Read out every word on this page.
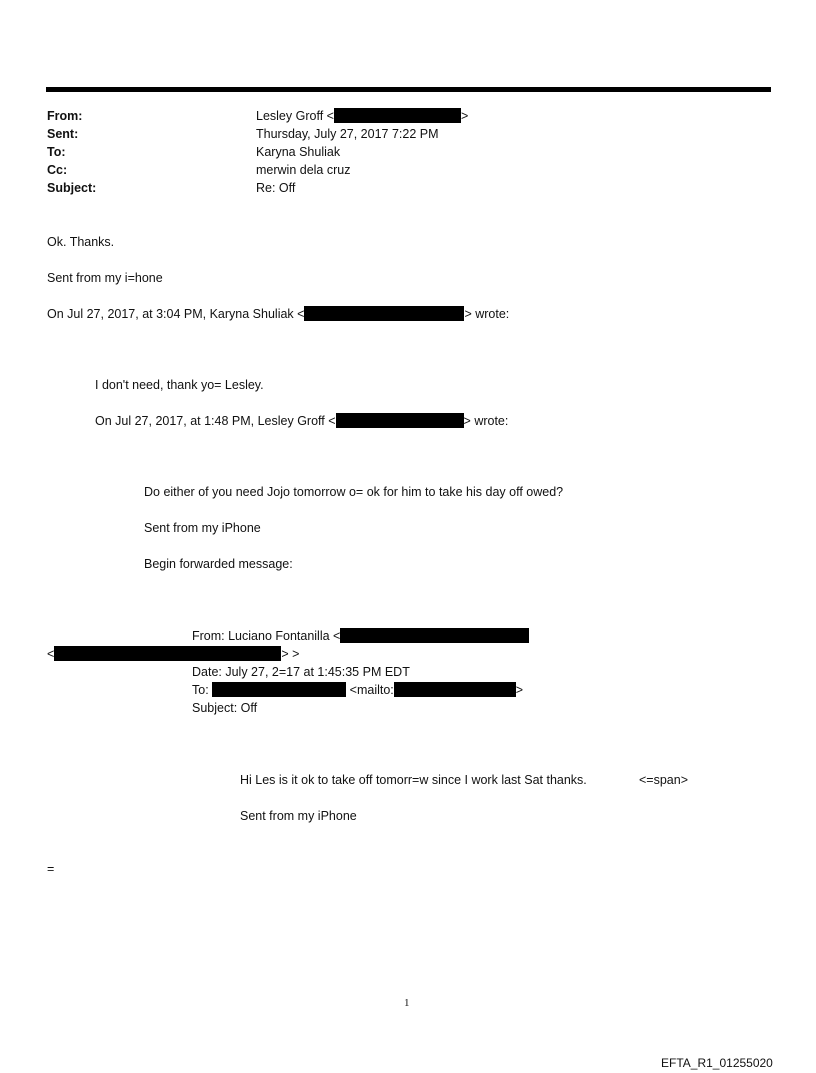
From:	Lesley Groff <	>
Sent:	Thursday, July 27, 2017 7:22 PM
To:	Karyna Shuliak
Cc:	merwin dela cruz
Subject:	Re: Off
Ok. Thanks.
Sent from my i=hone
On Jul 27, 2017, at 3:04 PM, Karyna Shuliak <	> wrote:
I don't need, thank yo= Lesley.
On Jul 27, 2017, at 1:48 PM, Lesley Groff <	> wrote:
Do either of you need Jojo tomorrow o= ok for him to take his day off owed?
Sent from my iPhone
Begin forwarded message:
From: Luciano Fontanilla <
<	> >
Date: July 27, 2=17 at 1:45:35 PM EDT
To:	<mailto:	>
Subject: Off
Hi Les is it ok to take off tomorr=w since I work last Sat thanks.	<=span>
Sent from my iPhone
=
1
EFTA_R1_01255020
